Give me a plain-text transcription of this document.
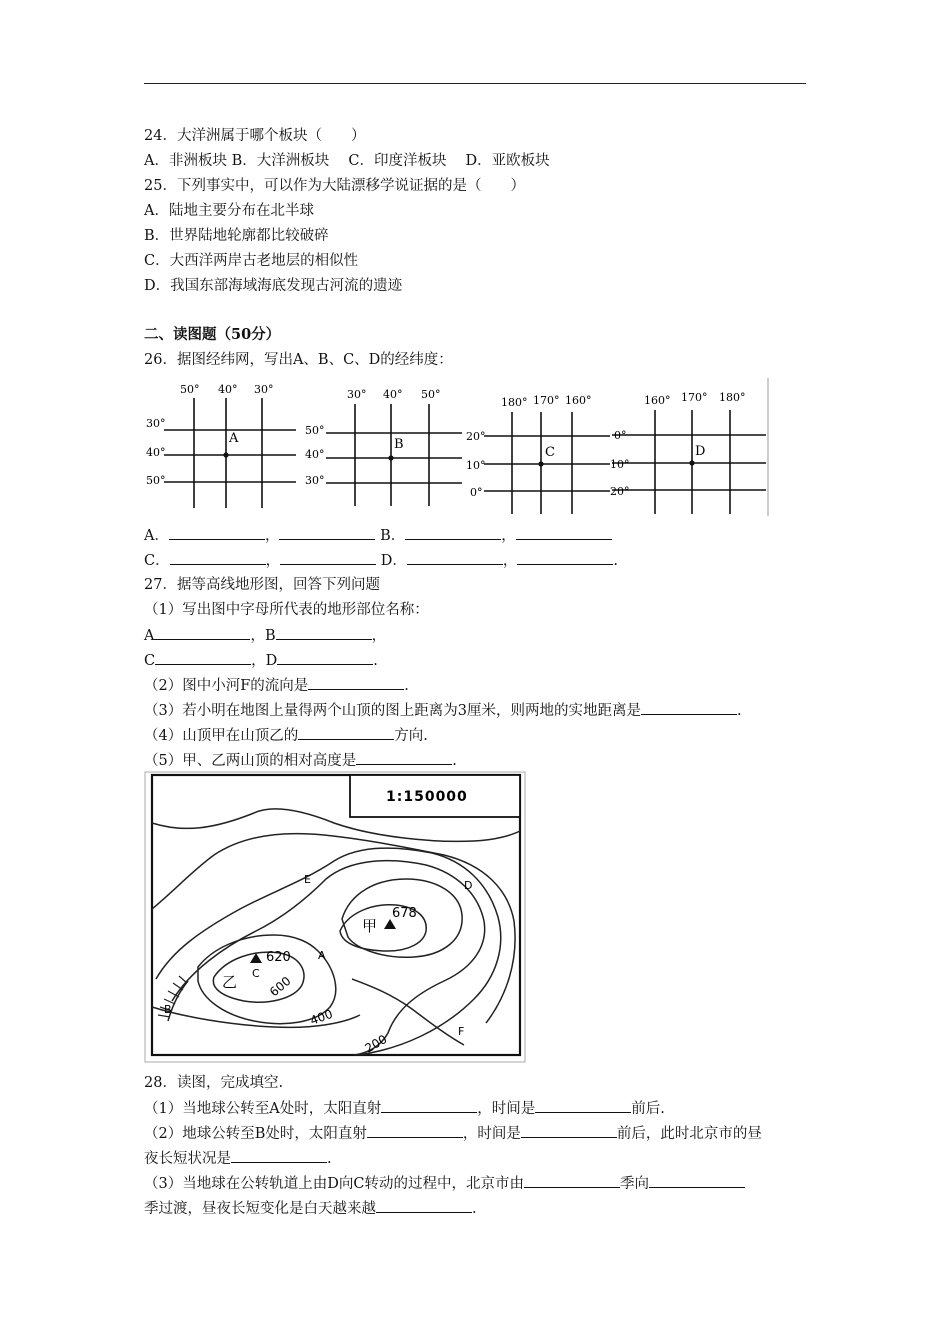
24．大洋洲属于哪个板块（　　）
A．非洲板块 B．大洋洲板块　 C．印度洋板块　 D．亚欧板块
25．下列事实中，可以作为大陆漂移学说证据的是（　　）
A．陆地主要分布在北半球
B．世界陆地轮廓都比较破碎
C．大西洋两岸古老地层的相似性
D．我国东部海域海底发现古河流的遗迹
二、读图题（50分）
26．据图经纬网，写出A、B、C、D的经纬度：
A
50° 40° 30°
30°
40°
50°
B
30° 40° 50°
50°
40°
30°
C
180° 170° 160°
20°
10°
0°
D
160° 170° 180°
0°
10°
20°
A．	，	B．	，
C．	，	D．	，	.
27．据等高线地形图，回答下列问题
（1）写出图中字母所代表的地形部位名称：
A	，B	，
C	，D	.
（2）图中小河F的流向是	.
（3）若小明在地图上量得两个山顶的图上距离为3厘米，则两地的实地距离是	.
（4）山顶甲在山顶乙的	方向.
（5）甲、乙两山顶的相对高度是	.
1:150000
甲
678
乙
620
600
400
200
A
B
C
D
E
F
28．读图，完成填空.
（1）当地球公转至A处时，太阳直射	，时间是	前后.
（2）地球公转至B处时，太阳直射	，时间是	前后，此时北京市的昼
夜长短状况是	.
（3）当地球在公转轨道上由D向C转动的过程中，北京市由	季向
季过渡，昼夜长短变化是白天越来越	.
